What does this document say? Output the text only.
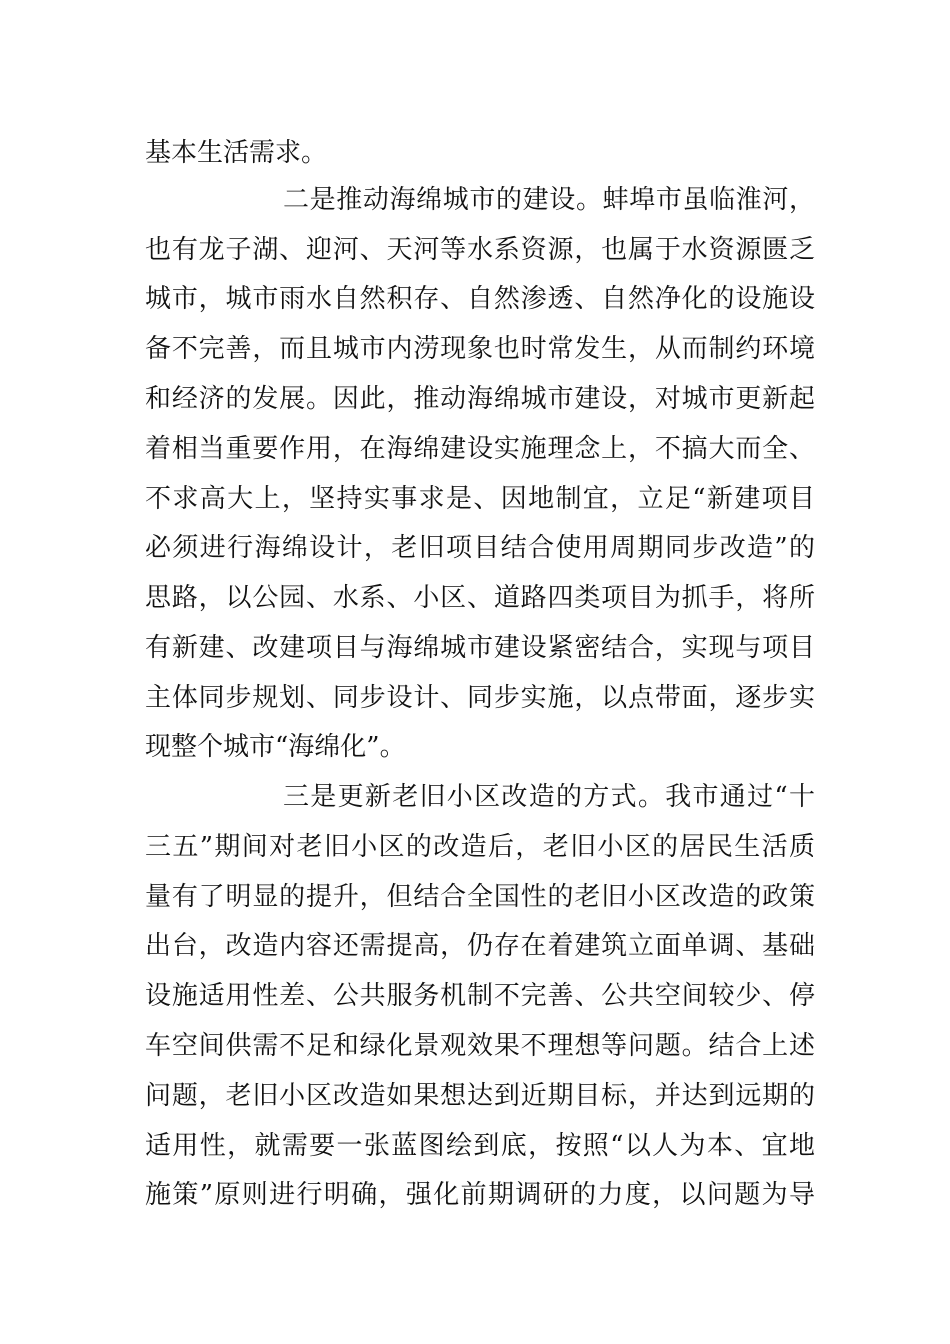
基本生活需求。

二是推动海绵城市的建设。蚌埠市虽临淮河，

也有龙子湖、迎河、天河等水系资源，也属于水资源匮乏

城市，城市雨水自然积存、自然渗透、自然净化的设施设

备不完善，而且城市内涝现象也时常发生，从而制约环境

和经济的发展。因此，推动海绵城市建设，对城市更新起

着相当重要作用，在海绵建设实施理念上，不搞大而全、

不求高大上，坚持实事求是、因地制宜，立足“新建项目

必须进行海绵设计，老旧项目结合使用周期同步改造”的

思路，以公园、水系、小区、道路四类项目为抓手，将所

有新建、改建项目与海绵城市建设紧密结合，实现与项目

主体同步规划、同步设计、同步实施，以点带面，逐步实

现整个城市“海绵化”。

三是更新老旧小区改造的方式。我市通过“十

三五”期间对老旧小区的改造后，老旧小区的居民生活质

量有了明显的提升，但结合全国性的老旧小区改造的政策

出台，改造内容还需提高，仍存在着建筑立面单调、基础

设施适用性差、公共服务机制不完善、公共空间较少、停

车空间供需不足和绿化景观效果不理想等问题。结合上述

问题，老旧小区改造如果想达到近期目标，并达到远期的

适用性，就需要一张蓝图绘到底，按照“以人为本、宜地

施策”原则进行明确，强化前期调研的力度，以问题为导
